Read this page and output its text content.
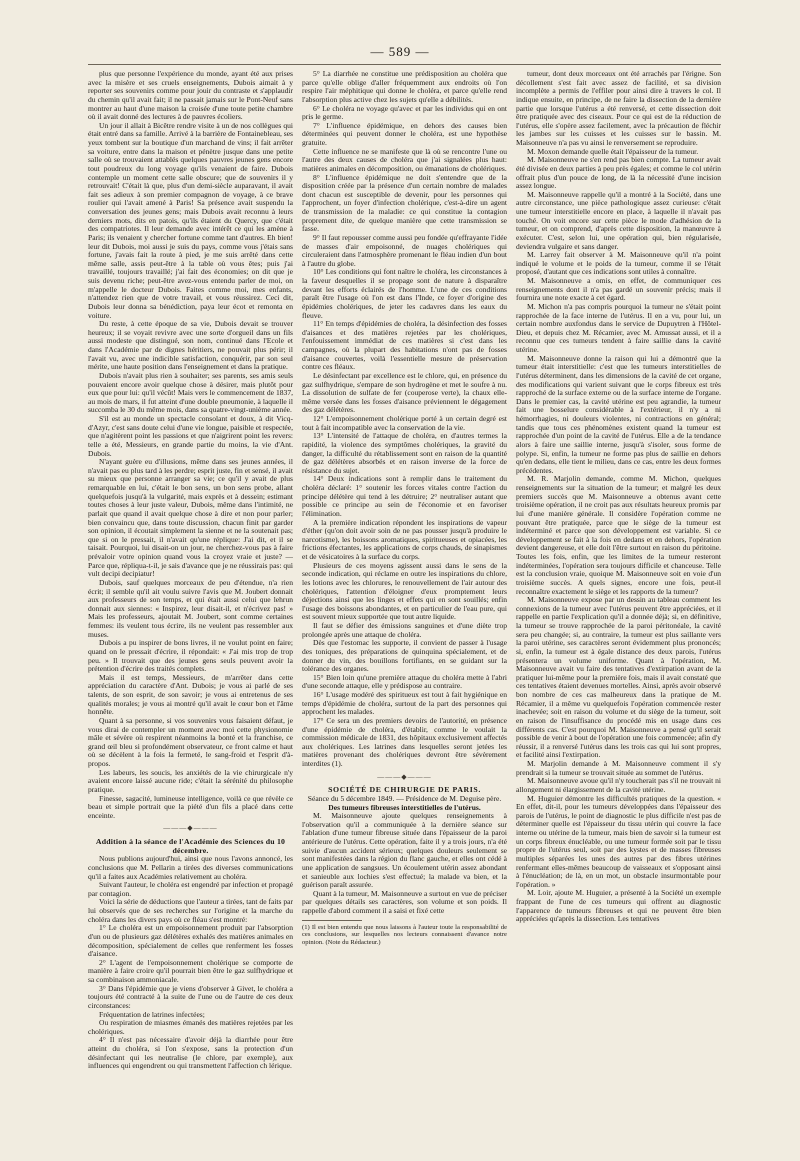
— 589 —

plus que personne l'expérience du monde, ayant été aux prises avec la misère et ses cruels enseignements, Dubois aimait à y reporter ses souvenirs comme pour jouir du contraste et s'applaudir du chemin qu'il avait fait; il ne passait jamais sur le Pont-Neuf sans montrer au haut d'une maison la croisée d'une toute petite chambre où il avait donné des lectures à de pauvres écoliers.

Un jour il allait à Bicêtre rendre visite à un de nos collègues qui était entré dans sa famille. Arrivé à la barrière de Fontainebleau, ses yeux tombent sur la boutique d'un marchand de vins; il fait arrêter sa voiture, entre dans la maison et pénètre jusque dans une petite salle où se trouvaient attablés quelques pauvres jeunes gens encore tout poudreux du long voyage qu'ils venaient de faire. Dubois contemple un moment cette salle obscure; que de souvenirs il y retrouvait! C'était là que, plus d'un demi-siècle auparavant, il avait fait ses adieux à son premier compagnon de voyage, à ce brave roulier qui l'avait amené à Paris! Sa présence avait suspendu la conversation des jeunes gens; mais Dubois avait reconnu à leurs derniers mots, dits en patois, qu'ils étaient du Quercy, que c'était des compatriotes. Il leur demande avec intérêt ce qui les amène à Paris; ils venaient y chercher fortune comme tant d'autres. Eh bien! leur dit Dubois, moi aussi je suis du pays, comme vous j'étais sans fortune, j'avais fait la route à pied, je me suis arrêté dans cette même salle, assis peut-être à la table où vous êtes; puis j'ai travaillé, toujours travaillé; j'ai fait des économies; on dit que je suis devenu riche; peut-être avez-vous entendu parler de moi, on m'appelle le docteur Dubois. Faites comme moi, mes enfants, n'attendez rien que de votre travail, et vous réussirez. Ceci dit, Dubois leur donna sa bénédiction, paya leur écot et remonta en voiture.

Du reste, à cette époque de sa vie, Dubois devait se trouver heureux; il se voyait revivre avec une sorte d'orgueil dans un fils aussi modeste que distingué, son nom, continué dans l'Ecole et dans l'Académie par de dignes héritiers, ne pouvait plus périr; il l'avait vu, avec une indicible satisfaction, conquérir, par son seul mérite, une haute position dans l'enseignement et dans la pratique.

Dubois n'avait plus rien à souhaiter; ses parents, ses amis seuls pouvaient encore avoir quelque chose à désirer, mais plutôt pour eux que pour lui: qu'il vécût! Mais vers le commencement de 1837, au mois de mars, il fut atteint d'une double pneumonie, à laquelle il succomba le 30 du même mois, dans sa quatre-vingt-unième année.

S'il est au monde un spectacle consolant et doux, à dit Vicq-d'Azyr, c'est sans doute celui d'une vie longue, paisible et respectée, que n'agitèrent point les passions et que n'aigrirent point les revers: telle a été, Messieurs, en grande partie du moins, la vie d'Ant. Dubois.

N'ayant guère eu d'illusions, même dans ses jeunes années, il n'avait pas eu plus tard à les perdre; esprit juste, fin et sensé, il avait su mieux que personne arranger sa vie; ce qu'il y avait de plus remarquable en lui, c'était le bon sens, un bon sens probe, allant quelquefois jusqu'à la vulgarité, mais exprès et à dessein; estimant toutes choses à leur juste valeur, Dubois, même dans l'intimité, ne parlait que quand il avait quelque chose à dire et non pour parler; bien convaincu que, dans toute discussion, chacun finit par garder son opinion, il écoutait simplement la sienne et ne la soutenait pas; que si on le pressait, il n'avait qu'une réplique: J'ai dit, et il se taisait. Pourquoi, lui disait-on un jour, ne cherchez-vous pas à faire prévaloir votre opinion quand vous la croyez vraie et juste? — Parce que, répliqua-t-il, je sais d'avance que je ne réussirais pas: quì vult decipi decipiatur!

Dubois, sauf quelques morceaux de peu d'étendue, n'a rien écrit; il semble qu'il ait voulu suivre l'avis que M. Joubert donnait aux professeurs de son temps, et qui était aussi celui que lehrun donnait aux siennes: « Inspirez, leur disait-il, et n'écrivez pas! » Mais les professeurs, ajoutait M. Joubert, sont comme certaines femmes: ils veulent tous écrire, ils ne veulent pas ressembler aux muses.

Dubois a pu inspirer de bons livres, il ne voulut point en faire; quand on le pressait d'écrire, il répondait: « J'ai mis trop de trop peu. » Il trouvait que des jeunes gens seuls peuvent avoir la prétention d'écrire des traités complets.

Mais il est temps, Messieurs, de m'arrêter dans cette appréciation du caractère d'Ant. Dubois; je vous ai parlé de ses talents, de son esprit, de son savoir; je vous ai entretenus de ses qualités morales; je vous ai montré qu'il avait le cœur bon et l'âme honnête.

Quant à sa personne, si vos souvenirs vous faisaient défaut, je vous dirai de contempler un moment avec moi cette physionomie mâle et sévère où respirent néanmoins la bonté et la franchise, ce grand œil bleu si profondément observateur, ce front calme et haut où se décèlent à la fois la fermeté, le sang-froid et l'esprit d'à-propos.

Les labeurs, les soucis, les anxiétés de la vie chirurgicale n'y avaient encore laissé aucune ride; c'était la sérénité du philosophe pratique.

Finesse, sagacité, lumineuse intelligence, voilà ce que révèle ce beau et simple portrait que la piété d'un fils a placé dans cette enceinte.

———◆———

Addition à la séance de l'Académie des Sciences du 10 décembre.

Nous publions aujourd'hui, ainsi que nous l'avons annoncé, les conclusions que M. Pellarin a tirées des diverses communications qu'il a faites aux Académies relativement au choléra.

Suivant l'auteur, le choléra est engendré par infection et propagé par contagion.

Voici la série de déductions que l'auteur a tirées, tant de faits par lui observés que de ses recherches sur l'origine et la marche du choléra dans les divers pays où ce fléau s'est montré:

1° Le choléra est un empoisonnement produit par l'absorption d'un ou de plusieurs gaz délétères exhalés des matières animales en décomposition, spécialement de celles que renferment les fosses d'aisance.

2° L'agent de l'empoisonnement cholérique se comporte de manière à faire croire qu'il pourrait bien être le gaz sulfhydrique et sa combinaison ammoniacale.

3° Dans l'épidémie que je viens d'observer à Givet, le choléra a toujours été contracté à la suite de l'une ou de l'autre de ces deux circonstances:

Fréquentation de latrines infectées;

Ou respiration de miasmes émanés des matières rejetées par les cholériques.

4° Il n'est pas nécessaire d'avoir déjà la diarrhée pour être atteint du choléra, si l'on s'expose, sans la protection d'un désinfectant qui les neutralise (le chlore, par exemple), aux influences qui engendrent ou qui transmettent l'affection ch lérique.

5° La diarrhée ne constitue une prédisposition au choléra que parce qu'elle oblige d'aller fréquemment aux endroits où l'on respire l'air méphitique qui donne le choléra, et parce qu'elle rend l'absorption plus active chez les sujets qu'elle a débilités.

6° Le choléra ne voyage qu'avec et par les individus qui en ont pris le germe.

7° L'influence épidémique, en dehors des causes bien déterminées qui peuvent donner le choléra, est une hypothèse gratuite.

Cette influence ne se manifeste que là où se rencontre l'une ou l'autre des deux causes de choléra que j'ai signalées plus haut: matières animales en décomposition, ou émanations de cholériques.

8° L'influence épidémique ne doit s'entendre que de la disposition créée par la présence d'un certain nombre de malades dont chacun est susceptible de devenir, pour les personnes qui l'approchent, un foyer d'infection cholérique, c'est-à-dire un agent de transmission de la maladie: ce qui constitue la contagion proprement dite, de quelque manière que cette transmission se fasse.

9° Il faut repousser comme aussi peu fondée qu'effrayante l'idée de masses d'air empoisonné, de nuages cholériques qui circuleraient dans l'atmosphère promenant le fléau indien d'un bout à l'autre du globe.

10° Les conditions qui font naître le choléra, les circonstances à la faveur desquelles il se propage sont de nature à disparaître devant les efforts éclairés de l'homme. L'une de ces conditions paraît être l'usage où l'on est dans l'Inde, ce foyer d'origine des épidémies cholériques, de jeter les cadavres dans les eaux du fleuve.

11° En temps d'épidémies de choléra, la désinfection des fosses d'aisances et des matières rejetées par les cholériques, l'enfouissement immédiat de ces matières si c'est dans les campagnes, où la plupart des habitations n'ont pas de fosses d'aisance couvertes, voilà l'essentielle mesure de préservation contre ces fléaux.

Le désinfectant par excellence est le chlore, qui, en présence du gaz sulfhydrique, s'empare de son hydrogène et met le soufre à nu. La dissolution de sulfate de fer (couperose verte), la chaux elle-même versée dans les fosses d'aisance préviennent le dégagement des gaz délétères.

12° L'empoisonnement cholérique porté à un certain degré est tout à fait incompatible avec la conservation de la vie.

13° L'intensité de l'attaque de choléra, en d'autres termes la rapidité, la violence des symptômes cholériques, la gravité du danger, la difficulté du rétablissement sont en raison de la quantité de gaz délétères absorbés et en raison inverse de la force de résistance du sujet.

14° Deux indications sont à remplir dans le traitement du choléra déclaré: 1° soutenir les forces vitales contre l'action du principe délétère qui tend à les détruire; 2° neutraliser autant que possible ce principe au sein de l'économie et en favoriser l'élimination.

A la première indication répondent les inspirations de vapeur d'éther (qu'on doit avoir soin de ne pas pousser jusqu'à produire le narcotisme), les boissons aromatiques, spiritueuses et opiacées, les frictions éfectantes, les applications de corps chauds, de sinapismes et de vésicatoires à la surface du corps.

Plusieurs de ces moyens agissent aussi dans le sens de la seconde indication, qui réclame en outre les inspirations du chlore, les lotions avec les chlorures, le renouvellement de l'air autour des cholériques, l'attention d'éloigner d'eux promptement leurs déjections ainsi que les linges et effets qui en sont souillés; enfin l'usage des boissons abondantes, et en particulier de l'eau pure, qui est souvent mieux supportée que tout autre liquide.

Il faut se défier des émissions sanguines et d'une diète trop prolongée après une attaque de choléra.

Dès que l'estomac les supporte, il convient de passer à l'usage des toniques, des préparations de quinquina spécialement, et de donner du vin, des bouillons fortifiants, en se guidant sur la tolérance des organes.

15° Bien loin qu'une première attaque du choléra mette à l'abri d'une seconde attaque, elle y prédispose au contraire.

16° L'usage modéré des spiritueux est tout à fait hygiénique en temps d'épidémie de choléra, surtout de la part des personnes qui approchent les malades.

17° Ce sera un des premiers devoirs de l'autorité, en présence d'une épidémie de choléra, d'établir, comme le voulait la commission médicale de 1831, des hôpitaux exclusivement affectés aux cholériques. Les latrines dans lesquelles seront jetées les matières provenant des cholériques devront être sévèrement interdites (1).

———◆———

SOCIÉTÉ DE CHIRURGIE DE PARIS.

Séance du 5 décembre 1849. — Présidence de M. Deguise père.

Des tumeurs fibreuses interstitielles de l'utérus.

M. Maisonneuve ajoute quelques renseignements à l'observation qu'il a communiquée à la dernière séance sur l'ablation d'une tumeur fibreuse située dans l'épaisseur de la paroi antérieure de l'utérus. Cette opération, faite il y a trois jours, n'a été suivie d'aucun accident sérieux; quelques douleurs seulement se sont manifestées dans la région du flanc gauche, et elles ont cédé à une application de sangsues. Un écoulement utérin assez abondant et sanieuble aux lochies s'est effectué; la malade va bien, et la guérison paraît assurée.

Quant à la tumeur, M. Maisonneuve a surtout en vue de préciser par quelques détails ses caractères, son volume et son poids. Il rappelle d'abord comment il a saisi et fixé cette

(1) Il est bien entendu que nous laissons à l'auteur toute la responsabilité de ces conclusions, sur lesquelles nos lecteurs connaissent d'avance notre opinion. (Note du Rédacteur.)

tumeur, dont deux morceaux ont été arrachés par l'érigne. Son décollement s'est fait avec assez de facilité, et sa division incomplète a permis de l'effiler pour ainsi dire à travers le col. Il indique ensuite, en principe, de ne faire la dissection de la dernière partie que lorsque l'utérus a été renversé, et cette dissection doit être pratiquée avec des ciseaux. Pour ce qui est de la réduction de l'utérus, elle s'opère assez facilement, avec la précaution de fléchir les jambes sur les cuisses et les cuisses sur le bassin. M. Maisonneuve n'a pas vu ainsi le renversement se reproduire.

M. Moxon demande quelle était l'épaisseur de la tumeur.

M. Maisonneuve ne s'en rend pas bien compte. La tumeur avait été divisée en deux parties à peu près égales; et comme le col utérin offrait plus d'un pouce de long, de là la nécessité d'une incision assez longue.

M. Maisonneuve rappelle qu'il a montré à la Société, dans une autre circonstance, une pièce pathologique assez curieuse: c'était une tumeur interstitielle encore en place, à laquelle il n'avait pas touché. On voit encore sur cette pièce le mode d'adhésion de la tumeur, et on comprend, d'après cette disposition, la manœuvre à exécuter. C'est, selon lui, une opération qui, bien régularisée, deviendra vulgaire et sans danger.

M. Larrey fait observer à M. Maisonneuve qu'il n'a point indiqué le volume et le poids de la tumeur, comme il se l'était proposé, d'autant que ces indications sont utiles à connaître.

M. Maisonneuve a omis, en effet, de communiquer ces renseignements dont il n'a pas gardé un souvenir précis; mais il fournira une note exacte à cet égard.

M. Michon n'a pas compris pourquoi la tumeur ne s'était point rapprochée de la face interne de l'utérus. Il en a vu, pour lui, un certain nombre auxfondus dans le service de Dupuytren à l'Hôtel-Dieu, et depuis chez M. Récamier, avec M. Amussat aussi, et il a reconnu que ces tumeurs tendent à faire saillie dans la cavité utérine.

M. Maisonneuve donne la raison qui lui a démontré que la tumeur était interstitielle: c'est que les tumeurs interstitielles de l'utérus déterminent, dans les dimensions de la cavité de cet organe, des modifications qui varient suivant que le corps fibreux est très rapproché de la surface externe ou de la surface interne de l'organe. Dans le premier cas, la cavité utérine est peu agrandie, la tumeur fait une bosselure considérable à l'extérieur, il n'y a ni hémorrhagies, ni douleurs violentes, ni contractions en général; tandis que tous ces phénomènes existent quand la tumeur est rapprochée d'un point de la cavité de l'utérus. Elle a de la tendance alors à faire une saillie interne, jusqu'à s'isoler, sous forme de polype. Si, enfin, la tumeur ne forme pas plus de saillie en dehors qu'en dedans, elle tient le milieu, dans ce cas, entre les deux formes précédentes.

M. R. Marjolin demande, comme M. Michon, quelques renseignements sur la situation de la tumeur; et malgré les deux premiers succès que M. Maisonneuve a obtenus avant cette troisième opération, il ne croit pas aux résultats heureux promis par lui d'une manière générale. Il considère l'opération comme ne pouvant être pratiquée, parce que le siège de la tumeur est indéterminé et parce que son développement est variable. Si ce développement se fait à la fois en dedans et en dehors, l'opération devient dangereuse, et elle doit l'être surtout en raison du péritoine. Toutes les fois, enfin, que les limites de la tumeur resteront indéterminées, l'opération sera toujours difficile et chanceuse. Telle est la conclusion vraie, quoique M. Maisonneuve soit en voie d'un troisième succès. A quels signes, encore une fois, peut-il reconnaître exactement le siège et les rapports de la tumeur?

M. Maisonneuve expose par un dessin au tableau comment les connexions de la tumeur avec l'utérus peuvent être appréciées, et il rappelle en partie l'explication qu'il a donnée déjà; si, en définitive, la tumeur se trouve rapprochée de la paroi péritonéale, la cavité sera peu changée; si, au contraire, la tumeur est plus saillante vers la paroi utérine, ses caractères seront évidemment plus prononcés; si, enfin, la tumeur est à égale distance des deux parois, l'utérus présentera un volume uniforme. Quant à l'opération, M. Maisonneuve avait vu faire des tentatives d'extirpation avant de la pratiquer lui-même pour la première fois, mais il avait constaté que ces tentatives étaient devenues mortelles. Ainsi, après avoir observé bon nombre de ces cas malheureux dans la pratique de M. Récamier, il a même vu quelquefois l'opération commencée rester inachevée; soit en raison du volume et du siège de la tumeur, soit en raison de l'insuffisance du procédé mis en usage dans ces différents cas. C'est pourquoi M. Maisonneuve a pensé qu'il serait possible de venir à bout de l'opération une fois commencée; afin d'y réussir, il a renversé l'utérus dans les trois cas qui lui sont propres, et facilité ainsi l'extirpation.

M. Marjolin demande à M. Maisonneuve comment il s'y prendrait si la tumeur se trouvait située au sommet de l'utérus.

M. Maisonneuve avoue qu'il n'y toucherait pas s'il ne trouvait ni allongement ni élargissement de la cavité utérine.

M. Huguier démontre les difficultés pratiques de la question. « En effet, dit-il, pour les tumeurs développées dans l'épaisseur des parois de l'utérus, le point de diagnostic le plus difficile n'est pas de déterminer quelle est l'épaisseur du tissu utérin qui couvre la face interne ou utérine de la tumeur, mais bien de savoir si la tumeur est un corps fibreux énucléable, ou une tumeur formée soit par le tissu propre de l'utérus seul, soit par des kystes et de masses fibreuses multiples séparées les unes des autres par des fibres utérines renfermant elles-mêmes beaucoup de vaisseaux et s'opposant ainsi à l'énucléation; de là, en un mot, un obstacle insurmontable pour l'opération. »

M. Loir, ajoute M. Huguier, a présenté à la Société un exemple frappant de l'une de ces tumeurs qui offrent au diagnostic l'apparence de tumeurs fibreuses et qui ne peuvent être bien appréciées qu'après la dissection. Les tentatives
